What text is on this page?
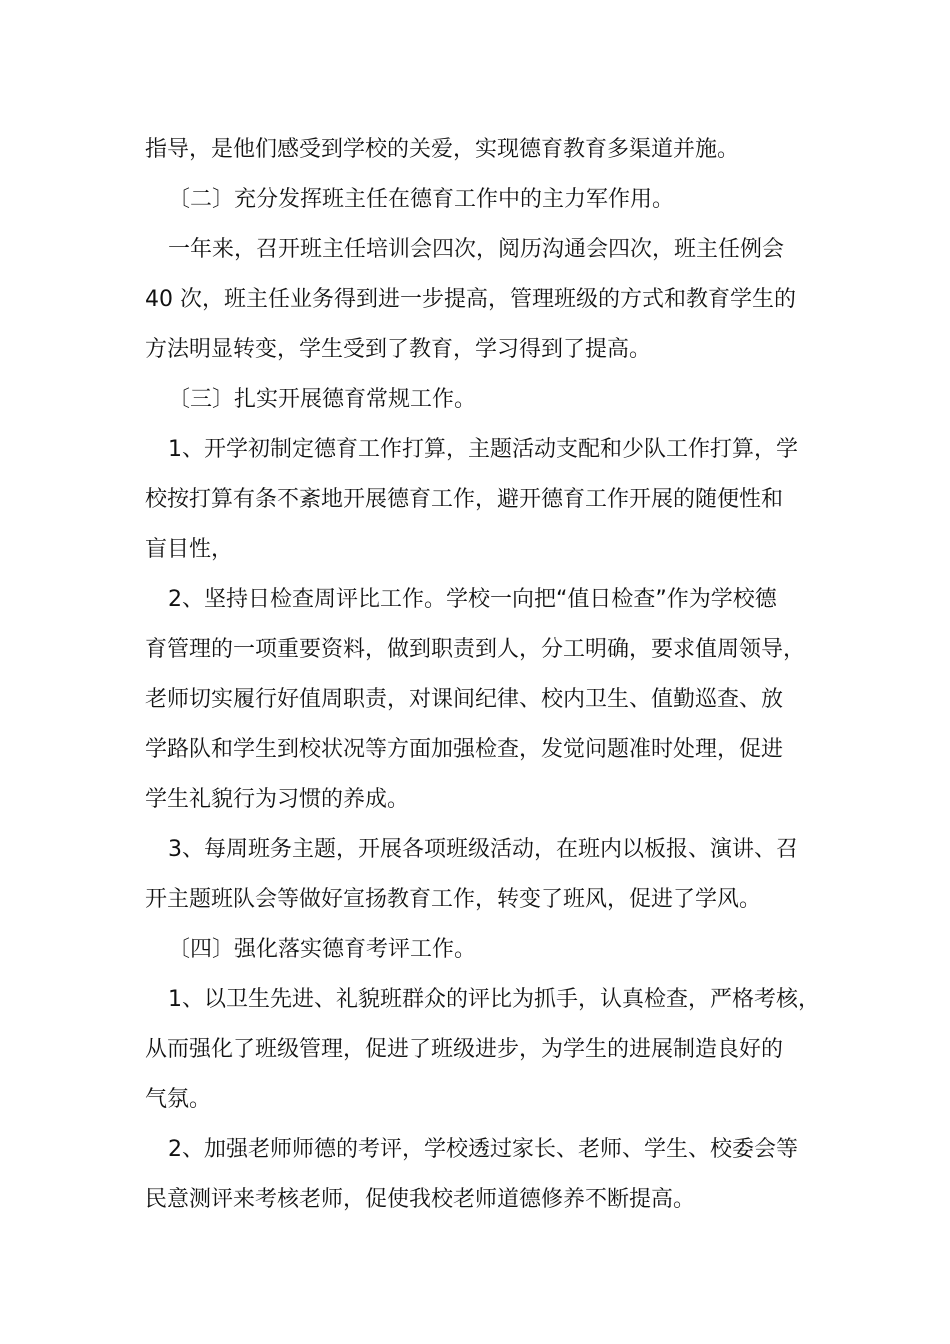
指导，是他们感受到学校的关爱，实现德育教育多渠道并施。
〔二〕充分发挥班主任在德育工作中的主力军作用。
一年来，召开班主任培训会四次，阅历沟通会四次，班主任例会
40 次，班主任业务得到进一步提高，管理班级的方式和教育学生的
方法明显转变，学生受到了教育，学习得到了提高。
〔三〕扎实开展德育常规工作。
1、开学初制定德育工作打算，主题活动支配和少队工作打算，学
校按打算有条不紊地开展德育工作，避开德育工作开展的随便性和
盲目性，
2、坚持日检查周评比工作。学校一向把“值日检查”作为学校德
育管理的一项重要资料，做到职责到人，分工明确，要求值周领导，
老师切实履行好值周职责，对课间纪律、校内卫生、值勤巡查、放
学路队和学生到校状况等方面加强检查，发觉问题准时处理，促进
学生礼貌行为习惯的养成。
3、每周班务主题，开展各项班级活动，在班内以板报、演讲、召
开主题班队会等做好宣扬教育工作，转变了班风，促进了学风。
〔四〕强化落实德育考评工作。
1、以卫生先进、礼貌班群众的评比为抓手，认真检查，严格考核，
从而强化了班级管理，促进了班级进步，为学生的进展制造良好的
气氛。
2、加强老师师德的考评，学校透过家长、老师、学生、校委会等
民意测评来考核老师，促使我校老师道德修养不断提高。
